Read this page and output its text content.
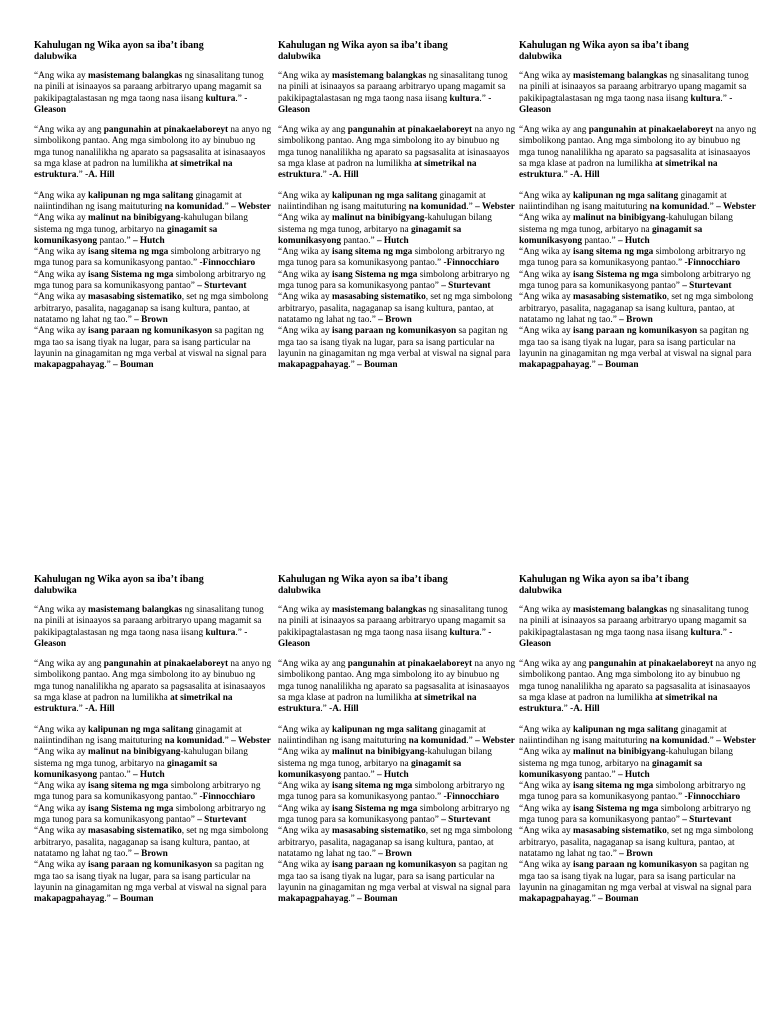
Kahulugan ng Wika ayon sa iba’t ibang
dalubwika

“Ang wika ay masistemang balangkas ng sinasalitang tunog na pinili at isinaayos sa paraang arbitraryo upang magamit sa pakikipagtalastasan ng mga taong nasa iisang kultura.” -Gleason

“Ang wika ay ang pangunahin at pinakaelaboreyt na anyo ng simbolikong pantao. Ang mga simbolong ito ay binubuo ng mga tunog nanalilikha ng aparato sa pagsasalita at isinasaayos sa mga klase at padron na lumilikha at simetrikal na estruktura.” -A. Hill

“Ang wika ay kalipunan ng mga salitang ginagamit at naiintindihan ng isang maituturing na komunidad.” – Webster

“Ang wika ay malinut na binibigyang-kahulugan bilang sistema ng mga tunog, arbitaryo na ginagamit sa komunikasyong pantao.” – Hutch

“Ang wika ay isang sitema ng mga simbolong arbitraryo ng mga tunog para sa komunikasyong pantao.” -Finnocchiaro

“Ang wika ay isang Sistema ng mga simbolong arbitraryo ng mga tunog para sa komunikasyong pantao” – Sturtevant

“Ang wika ay masasabing sistematiko, set ng mga simbolong arbitraryo, pasalita, nagaganap sa isang kultura, pantao, at natatamo ng lahat ng tao.” – Brown

“Ang wika ay isang paraan ng komunikasyon sa pagitan ng mga tao sa isang tiyak na lugar, para sa isang particular na layunin na ginagamitan ng mga verbal at viswal na signal para makapagpahayag.” – Bouman

Kahulugan ng Wika ayon sa iba’t ibang
dalubwika

“Ang wika ay masistemang balangkas ng sinasalitang tunog na pinili at isinaayos sa paraang arbitraryo upang magamit sa pakikipagtalastasan ng mga taong nasa iisang kultura.” -Gleason

“Ang wika ay ang pangunahin at pinakaelaboreyt na anyo ng simbolikong pantao. Ang mga simbolong ito ay binubuo ng mga tunog nanalilikha ng aparato sa pagsasalita at isinasaayos sa mga klase at padron na lumilikha at simetrikal na estruktura.” -A. Hill

“Ang wika ay kalipunan ng mga salitang ginagamit at naiintindihan ng isang maituturing na komunidad.” – Webster

“Ang wika ay malinut na binibigyang-kahulugan bilang sistema ng mga tunog, arbitaryo na ginagamit sa komunikasyong pantao.” – Hutch

“Ang wika ay isang sitema ng mga simbolong arbitraryo ng mga tunog para sa komunikasyong pantao.” -Finnocchiaro

“Ang wika ay isang Sistema ng mga simbolong arbitraryo ng mga tunog para sa komunikasyong pantao” – Sturtevant

“Ang wika ay masasabing sistematiko, set ng mga simbolong arbitraryo, pasalita, nagaganap sa isang kultura, pantao, at natatamo ng lahat ng tao.” – Brown

“Ang wika ay isang paraan ng komunikasyon sa pagitan ng mga tao sa isang tiyak na lugar, para sa isang particular na layunin na ginagamitan ng mga verbal at viswal na signal para makapagpahayag.” – Bouman

Kahulugan ng Wika ayon sa iba’t ibang
dalubwika

“Ang wika ay masistemang balangkas ng sinasalitang tunog na pinili at isinaayos sa paraang arbitraryo upang magamit sa pakikipagtalastasan ng mga taong nasa iisang kultura.” -Gleason

“Ang wika ay ang pangunahin at pinakaelaboreyt na anyo ng simbolikong pantao. Ang mga simbolong ito ay binubuo ng mga tunog nanalilikha ng aparato sa pagsasalita at isinasaayos sa mga klase at padron na lumilikha at simetrikal na estruktura.” -A. Hill

“Ang wika ay kalipunan ng mga salitang ginagamit at naiintindihan ng isang maituturing na komunidad.” – Webster

“Ang wika ay malinut na binibigyang-kahulugan bilang sistema ng mga tunog, arbitaryo na ginagamit sa komunikasyong pantao.” – Hutch

“Ang wika ay isang sitema ng mga simbolong arbitraryo ng mga tunog para sa komunikasyong pantao.” -Finnocchiaro

“Ang wika ay isang Sistema ng mga simbolong arbitraryo ng mga tunog para sa komunikasyong pantao” – Sturtevant

“Ang wika ay masasabing sistematiko, set ng mga simbolong arbitraryo, pasalita, nagaganap sa isang kultura, pantao, at natatamo ng lahat ng tao.” – Brown

“Ang wika ay isang paraan ng komunikasyon sa pagitan ng mga tao sa isang tiyak na lugar, para sa isang particular na layunin na ginagamitan ng mga verbal at viswal na signal para makapagpahayag.” – Bouman

Kahulugan ng Wika ayon sa iba’t ibang
dalubwika

“Ang wika ay masistemang balangkas ng sinasalitang tunog na pinili at isinaayos sa paraang arbitraryo upang magamit sa pakikipagtalastasan ng mga taong nasa iisang kultura.” -Gleason

“Ang wika ay ang pangunahin at pinakaelaboreyt na anyo ng simbolikong pantao. Ang mga simbolong ito ay binubuo ng mga tunog nanalilikha ng aparato sa pagsasalita at isinasaayos sa mga klase at padron na lumilikha at simetrikal na estruktura.” -A. Hill

“Ang wika ay kalipunan ng mga salitang ginagamit at naiintindihan ng isang maituturing na komunidad.” – Webster

“Ang wika ay malinut na binibigyang-kahulugan bilang sistema ng mga tunog, arbitaryo na ginagamit sa komunikasyong pantao.” – Hutch

“Ang wika ay isang sitema ng mga simbolong arbitraryo ng mga tunog para sa komunikasyong pantao.” -Finnocchiaro

“Ang wika ay isang Sistema ng mga simbolong arbitraryo ng mga tunog para sa komunikasyong pantao” – Sturtevant

“Ang wika ay masasabing sistematiko, set ng mga simbolong arbitraryo, pasalita, nagaganap sa isang kultura, pantao, at natatamo ng lahat ng tao.” – Brown

“Ang wika ay isang paraan ng komunikasyon sa pagitan ng mga tao sa isang tiyak na lugar, para sa isang particular na layunin na ginagamitan ng mga verbal at viswal na signal para makapagpahayag.” – Bouman

Kahulugan ng Wika ayon sa iba’t ibang
dalubwika

“Ang wika ay masistemang balangkas ng sinasalitang tunog na pinili at isinaayos sa paraang arbitraryo upang magamit sa pakikipagtalastasan ng mga taong nasa iisang kultura.” -Gleason

“Ang wika ay ang pangunahin at pinakaelaboreyt na anyo ng simbolikong pantao. Ang mga simbolong ito ay binubuo ng mga tunog nanalilikha ng aparato sa pagsasalita at isinasaayos sa mga klase at padron na lumilikha at simetrikal na estruktura.” -A. Hill

“Ang wika ay kalipunan ng mga salitang ginagamit at naiintindihan ng isang maituturing na komunidad.” – Webster

“Ang wika ay malinut na binibigyang-kahulugan bilang sistema ng mga tunog, arbitaryo na ginagamit sa komunikasyong pantao.” – Hutch

“Ang wika ay isang sitema ng mga simbolong arbitraryo ng mga tunog para sa komunikasyong pantao.” -Finnocchiaro

“Ang wika ay isang Sistema ng mga simbolong arbitraryo ng mga tunog para sa komunikasyong pantao” – Sturtevant

“Ang wika ay masasabing sistematiko, set ng mga simbolong arbitraryo, pasalita, nagaganap sa isang kultura, pantao, at natatamo ng lahat ng tao.” – Brown

“Ang wika ay isang paraan ng komunikasyon sa pagitan ng mga tao sa isang tiyak na lugar, para sa isang particular na layunin na ginagamitan ng mga verbal at viswal na signal para makapagpahayag.” – Bouman

Kahulugan ng Wika ayon sa iba’t ibang
dalubwika

“Ang wika ay masistemang balangkas ng sinasalitang tunog na pinili at isinaayos sa paraang arbitraryo upang magamit sa pakikipagtalastasan ng mga taong nasa iisang kultura.” -Gleason

“Ang wika ay ang pangunahin at pinakaelaboreyt na anyo ng simbolikong pantao. Ang mga simbolong ito ay binubuo ng mga tunog nanalilikha ng aparato sa pagsasalita at isinasaayos sa mga klase at padron na lumilikha at simetrikal na estruktura.” -A. Hill

“Ang wika ay kalipunan ng mga salitang ginagamit at naiintindihan ng isang maituturing na komunidad.” – Webster

“Ang wika ay malinut na binibigyang-kahulugan bilang sistema ng mga tunog, arbitaryo na ginagamit sa komunikasyong pantao.” – Hutch

“Ang wika ay isang sitema ng mga simbolong arbitraryo ng mga tunog para sa komunikasyong pantao.” -Finnocchiaro

“Ang wika ay isang Sistema ng mga simbolong arbitraryo ng mga tunog para sa komunikasyong pantao” – Sturtevant

“Ang wika ay masasabing sistematiko, set ng mga simbolong arbitraryo, pasalita, nagaganap sa isang kultura, pantao, at natatamo ng lahat ng tao.” – Brown

“Ang wika ay isang paraan ng komunikasyon sa pagitan ng mga tao sa isang tiyak na lugar, para sa isang particular na layunin na ginagamitan ng mga verbal at viswal na signal para makapagpahayag.” – Bouman
